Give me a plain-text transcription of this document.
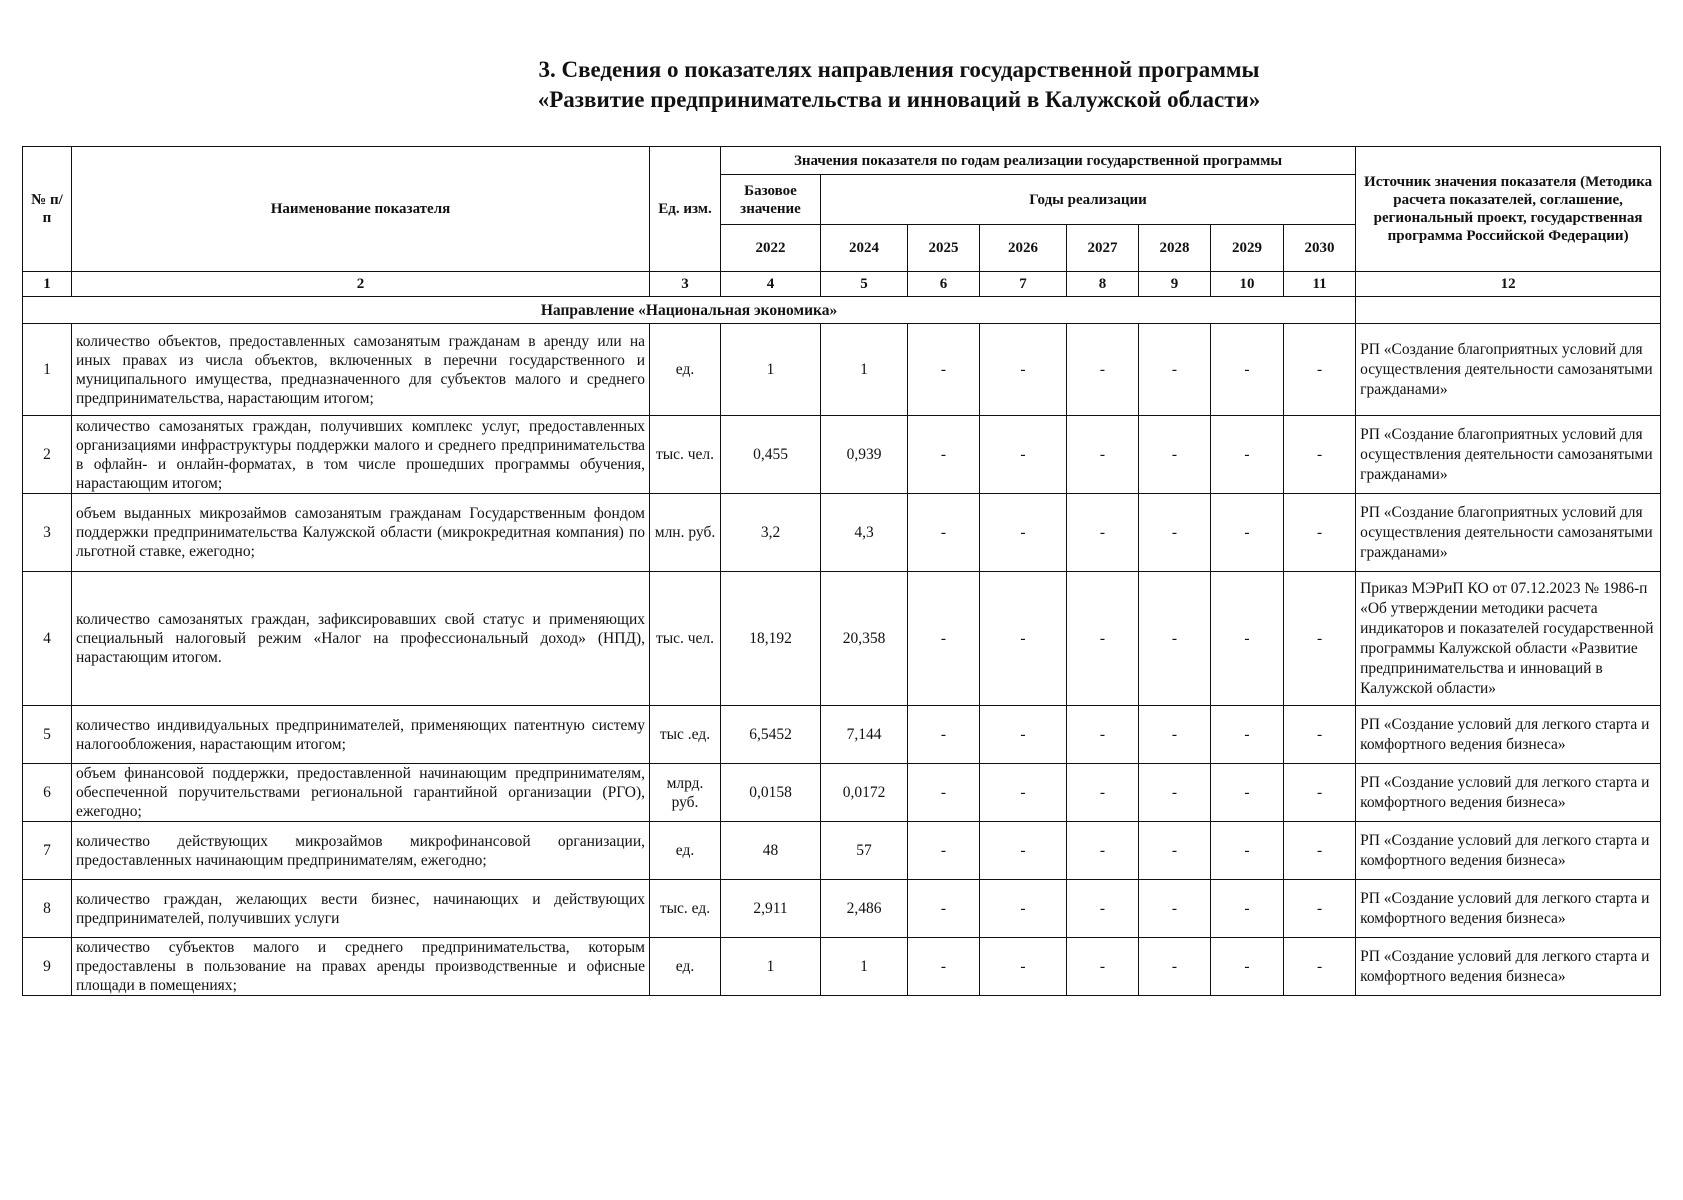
3. Сведения о показателях направления государственной программы
«Развитие предпринимательства и инноваций в Калужской области»
№ п/п	Наименование показателя	Ед. изм.	Значения показателя по годам реализации государственной программы								Источник значения показателя (Методика расчета показателей, соглашение, региональный проект, государственная программа Российской Федерации)
			Базовое значение	Годы реализации							
			2022	2024	2025	2026	2027	2028	2029	2030	
1	2	3	4	5	6	7	8	9	10	11	12
Направление «Национальная экономика»											
1	количество объектов, предоставленных самозанятым гражданам в аренду или на иных правах из числа объектов, включенных в перечни государственного и муниципального имущества, предназначенного для субъектов малого и среднего предпринимательства, нарастающим итогом;	ед.	1	1	-	-	-	-	-	-	РП «Создание благоприятных условий для осуществления деятельности самозанятыми гражданами»
2	количество самозанятых граждан, получивших комплекс услуг, предоставленных организациями инфраструктуры поддержки малого и среднего предпринимательства в офлайн- и онлайн-форматах, в том числе прошедших программы обучения, нарастающим итогом;	тыс. чел.	0,455	0,939	-	-	-	-	-	-	РП «Создание благоприятных условий для осуществления деятельности самозанятыми гражданами»
3	объем выданных микрозаймов самозанятым гражданам Государственным фондом поддержки предпринимательства Калужской области (микрокредитная компания) по льготной ставке, ежегодно;	млн. руб.	3,2	4,3	-	-	-	-	-	-	РП «Создание благоприятных условий для осуществления деятельности самозанятыми гражданами»
4	количество самозанятых граждан, зафиксировавших свой статус и применяющих специальный налоговый режим «Налог на профессиональный доход» (НПД), нарастающим итогом.	тыс. чел.	18,192	20,358	-	-	-	-	-	-	Приказ МЭРиП КО от 07.12.2023 № 1986-п «Об утверждении методики расчета индикаторов и показателей государственной программы Калужской области «Развитие предпринимательства и инноваций в Калужской области»
5	количество индивидуальных предпринимателей, применяющих патентную систему налогообложения, нарастающим итогом;	тыс .ед.	6,5452	7,144	-	-	-	-	-	-	РП «Создание условий для легкого старта и комфортного ведения бизнеса»
6	объем финансовой поддержки, предоставленной начинающим предпринимателям, обеспеченной поручительствами региональной гарантийной организации (РГО), ежегодно;	млрд. руб.	0,0158	0,0172	-	-	-	-	-	-	РП «Создание условий для легкого старта и комфортного ведения бизнеса»
7	количество действующих микрозаймов микрофинансовой организации, предоставленных начинающим предпринимателям, ежегодно;	ед.	48	57	-	-	-	-	-	-	РП «Создание условий для легкого старта и комфортного ведения бизнеса»
8	количество граждан, желающих вести бизнес, начинающих и действующих предпринимателей, получивших услуги	тыс. ед.	2,911	2,486	-	-	-	-	-	-	РП «Создание условий для легкого старта и комфортного ведения бизнеса»
9	количество субъектов малого и среднего предпринимательства, которым предоставлены в пользование на правах аренды производственные и офисные площади в помещениях;	ед.	1	1	-	-	-	-	-	-	РП «Создание условий для легкого старта и комфортного ведения бизнеса»
